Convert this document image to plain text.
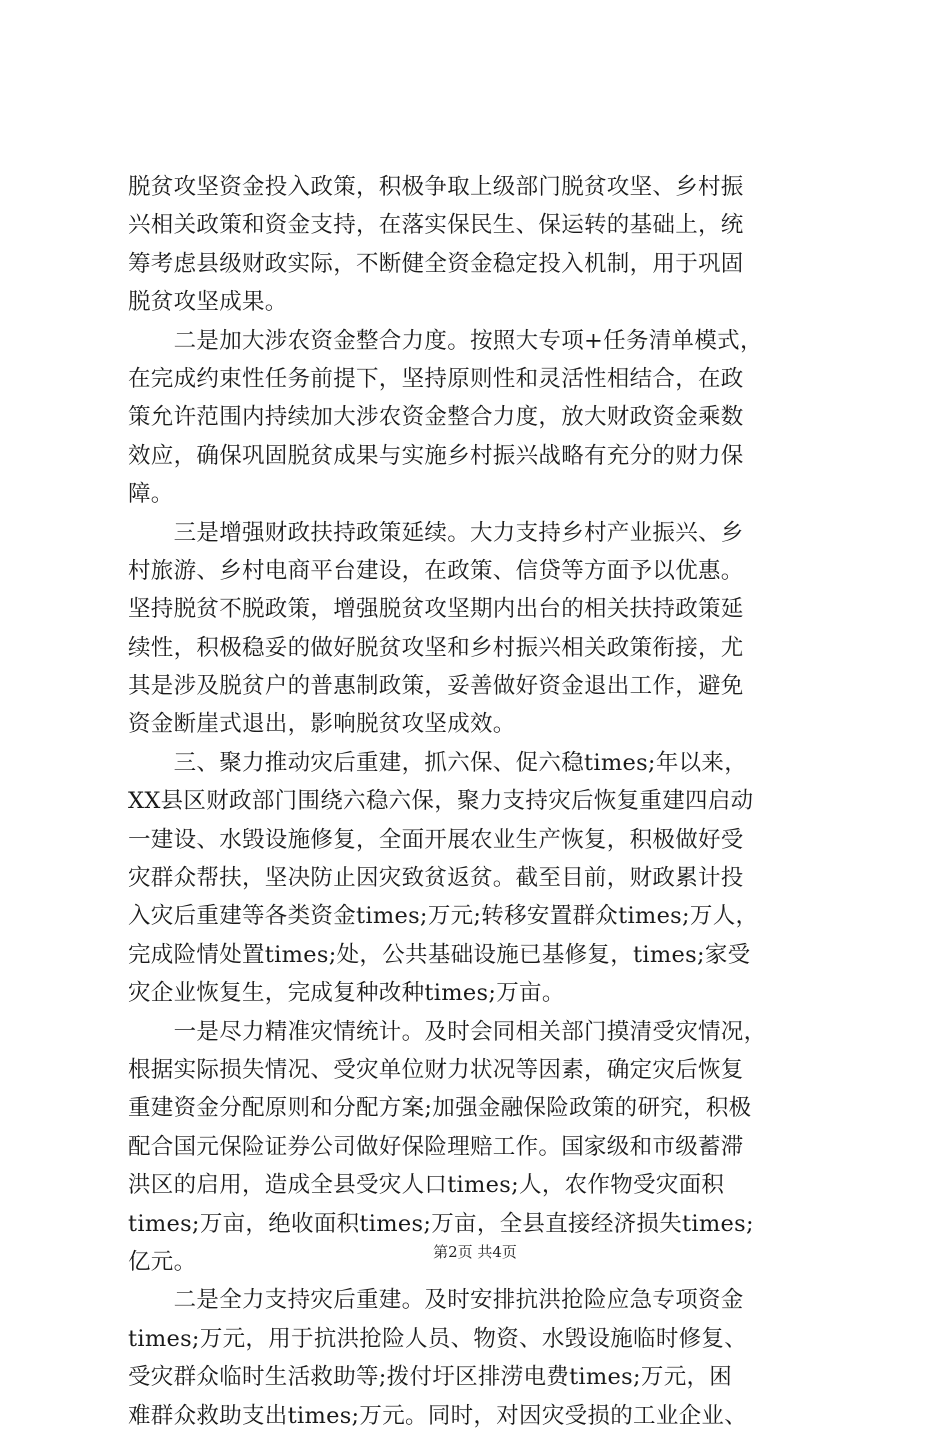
脱贫攻坚资金投入政策，积极争取上级部门脱贫攻坚、乡村振
兴相关政策和资金支持，在落实保民生、保运转的基础上，统
筹考虑县级财政实际，不断健全资金稳定投入机制，用于巩固
脱贫攻坚成果。
　　二是加大涉农资金整合力度。按照大专项+任务清单模式，
在完成约束性任务前提下，坚持原则性和灵活性相结合，在政
策允许范围内持续加大涉农资金整合力度，放大财政资金乘数
效应，确保巩固脱贫成果与实施乡村振兴战略有充分的财力保
障。
　　三是增强财政扶持政策延续。大力支持乡村产业振兴、乡
村旅游、乡村电商平台建设，在政策、信贷等方面予以优惠。
坚持脱贫不脱政策，增强脱贫攻坚期内出台的相关扶持政策延
续性，积极稳妥的做好脱贫攻坚和乡村振兴相关政策衔接，尤
其是涉及脱贫户的普惠制政策，妥善做好资金退出工作，避免
资金断崖式退出，影响脱贫攻坚成效。
　　三、聚力推动灾后重建，抓六保、促六稳times;年以来，
XX县区财政部门围绕六稳六保，聚力支持灾后恢复重建四启动
一建设、水毁设施修复，全面开展农业生产恢复，积极做好受
灾群众帮扶，坚决防止因灾致贫返贫。截至目前，财政累计投
入灾后重建等各类资金times;万元;转移安置群众times;万人，
完成险情处置times;处，公共基础设施已基修复，times;家受
灾企业恢复生，完成复种改种times;万亩。
　　一是尽力精准灾情统计。及时会同相关部门摸清受灾情况，
根据实际损失情况、受灾单位财力状况等因素，确定灾后恢复
重建资金分配原则和分配方案;加强金融保险政策的研究，积极
配合国元保险证券公司做好保险理赔工作。国家级和市级蓄滞
洪区的启用，造成全县受灾人口times;人，农作物受灾面积
times;万亩，绝收面积times;万亩，全县直接经济损失times;
亿元。
　　二是全力支持灾后重建。及时安排抗洪抢险应急专项资金
times;万元，用于抗洪抢险人员、物资、水毁设施临时修复、
受灾群众临时生活救助等;拨付圩区排涝电费times;万元，困
难群众救助支出times;万元。同时，对因灾受损的工业企业、
第2页 共4页
